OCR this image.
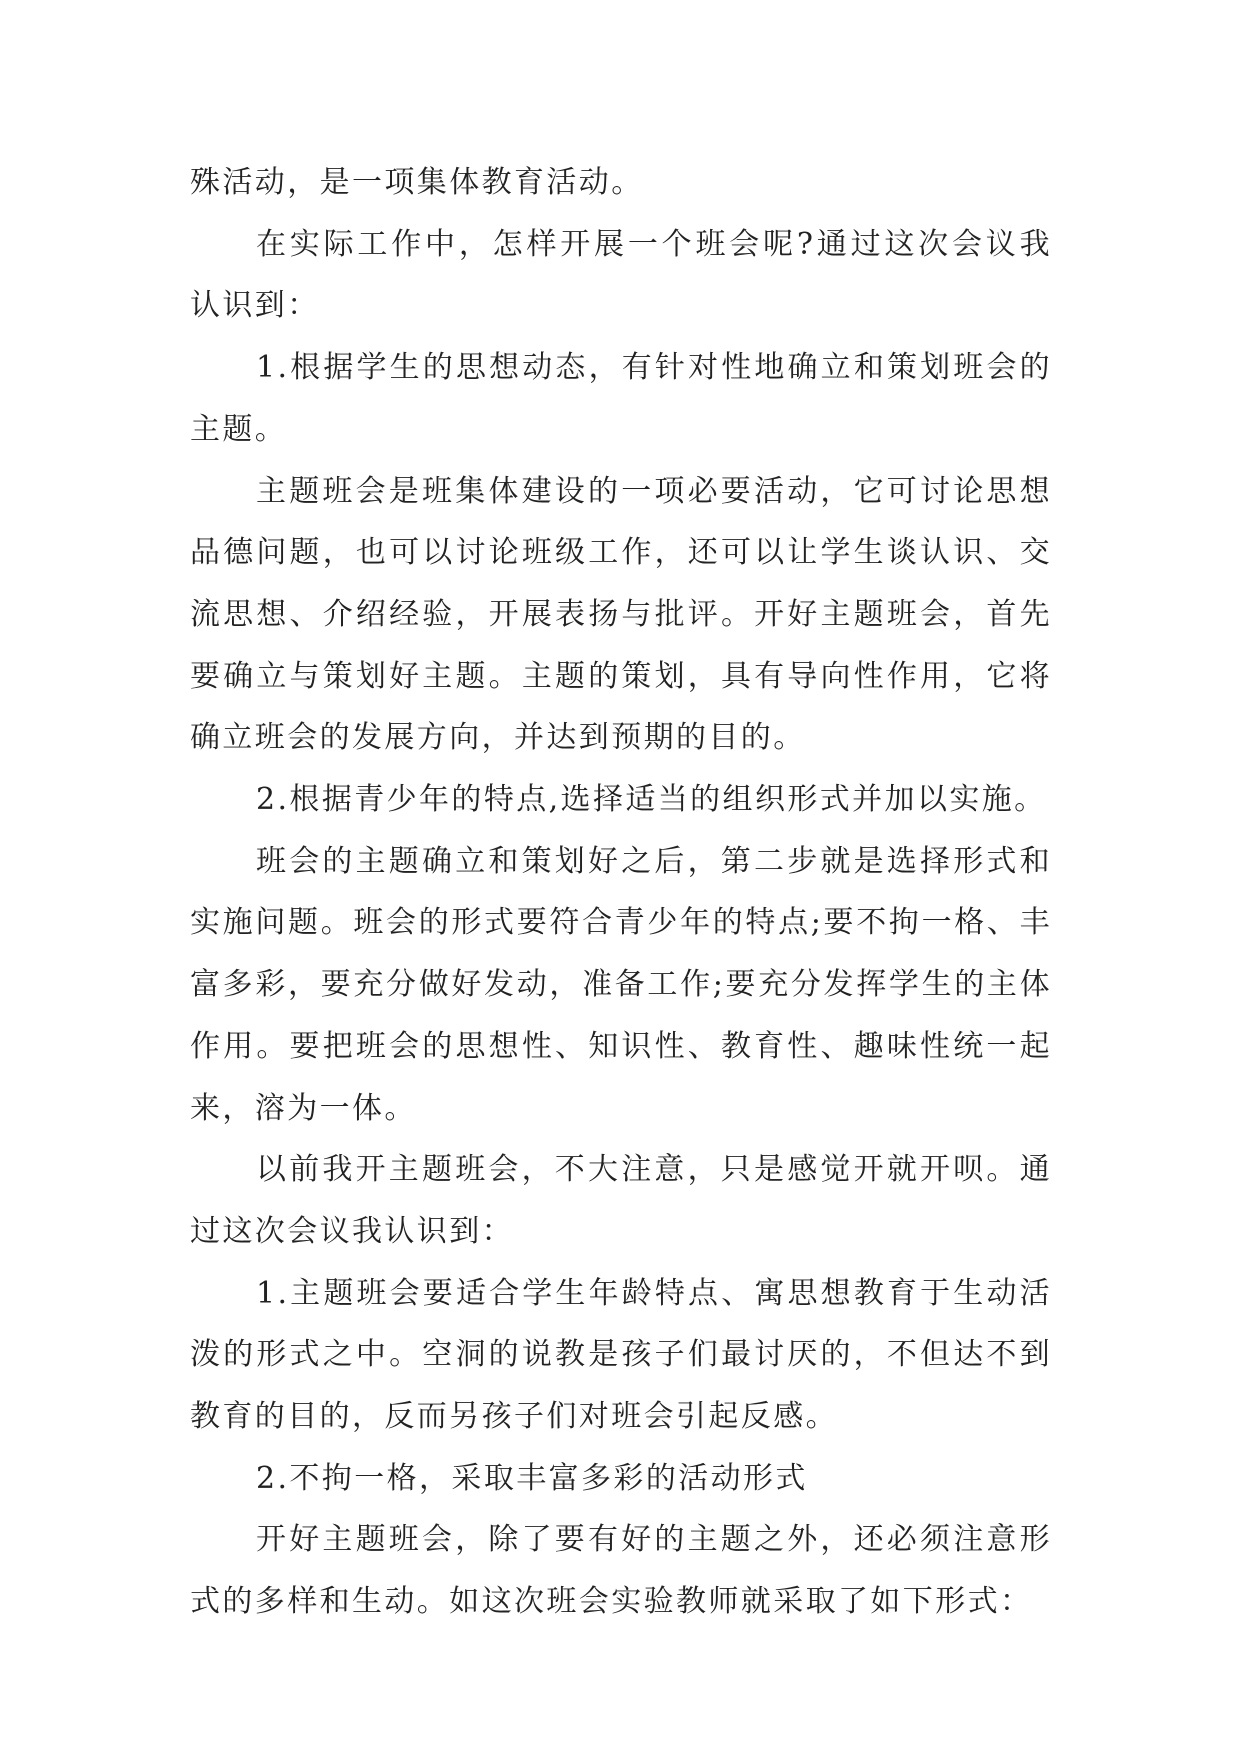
殊活动，是一项集体教育活动。

在实际工作中，怎样开展一个班会呢?通过这次会议我认识到：

1.根据学生的思想动态，有针对性地确立和策划班会的主题。

主题班会是班集体建设的一项必要活动，它可讨论思想品德问题，也可以讨论班级工作，还可以让学生谈认识、交流思想、介绍经验，开展表扬与批评。开好主题班会，首先要确立与策划好主题。主题的策划，具有导向性作用，它将确立班会的发展方向，并达到预期的目的。

2.根据青少年的特点,选择适当的组织形式并加以实施。

班会的主题确立和策划好之后，第二步就是选择形式和实施问题。班会的形式要符合青少年的特点;要不拘一格、丰富多彩，要充分做好发动，准备工作;要充分发挥学生的主体作用。要把班会的思想性、知识性、教育性、趣味性统一起来，溶为一体。

以前我开主题班会，不大注意，只是感觉开就开呗。通过这次会议我认识到：

1.主题班会要适合学生年龄特点、寓思想教育于生动活泼的形式之中。空洞的说教是孩子们最讨厌的，不但达不到教育的目的，反而另孩子们对班会引起反感。

2.不拘一格，采取丰富多彩的活动形式

开好主题班会，除了要有好的主题之外，还必须注意形式的多样和生动。如这次班会实验教师就采取了如下形式：
